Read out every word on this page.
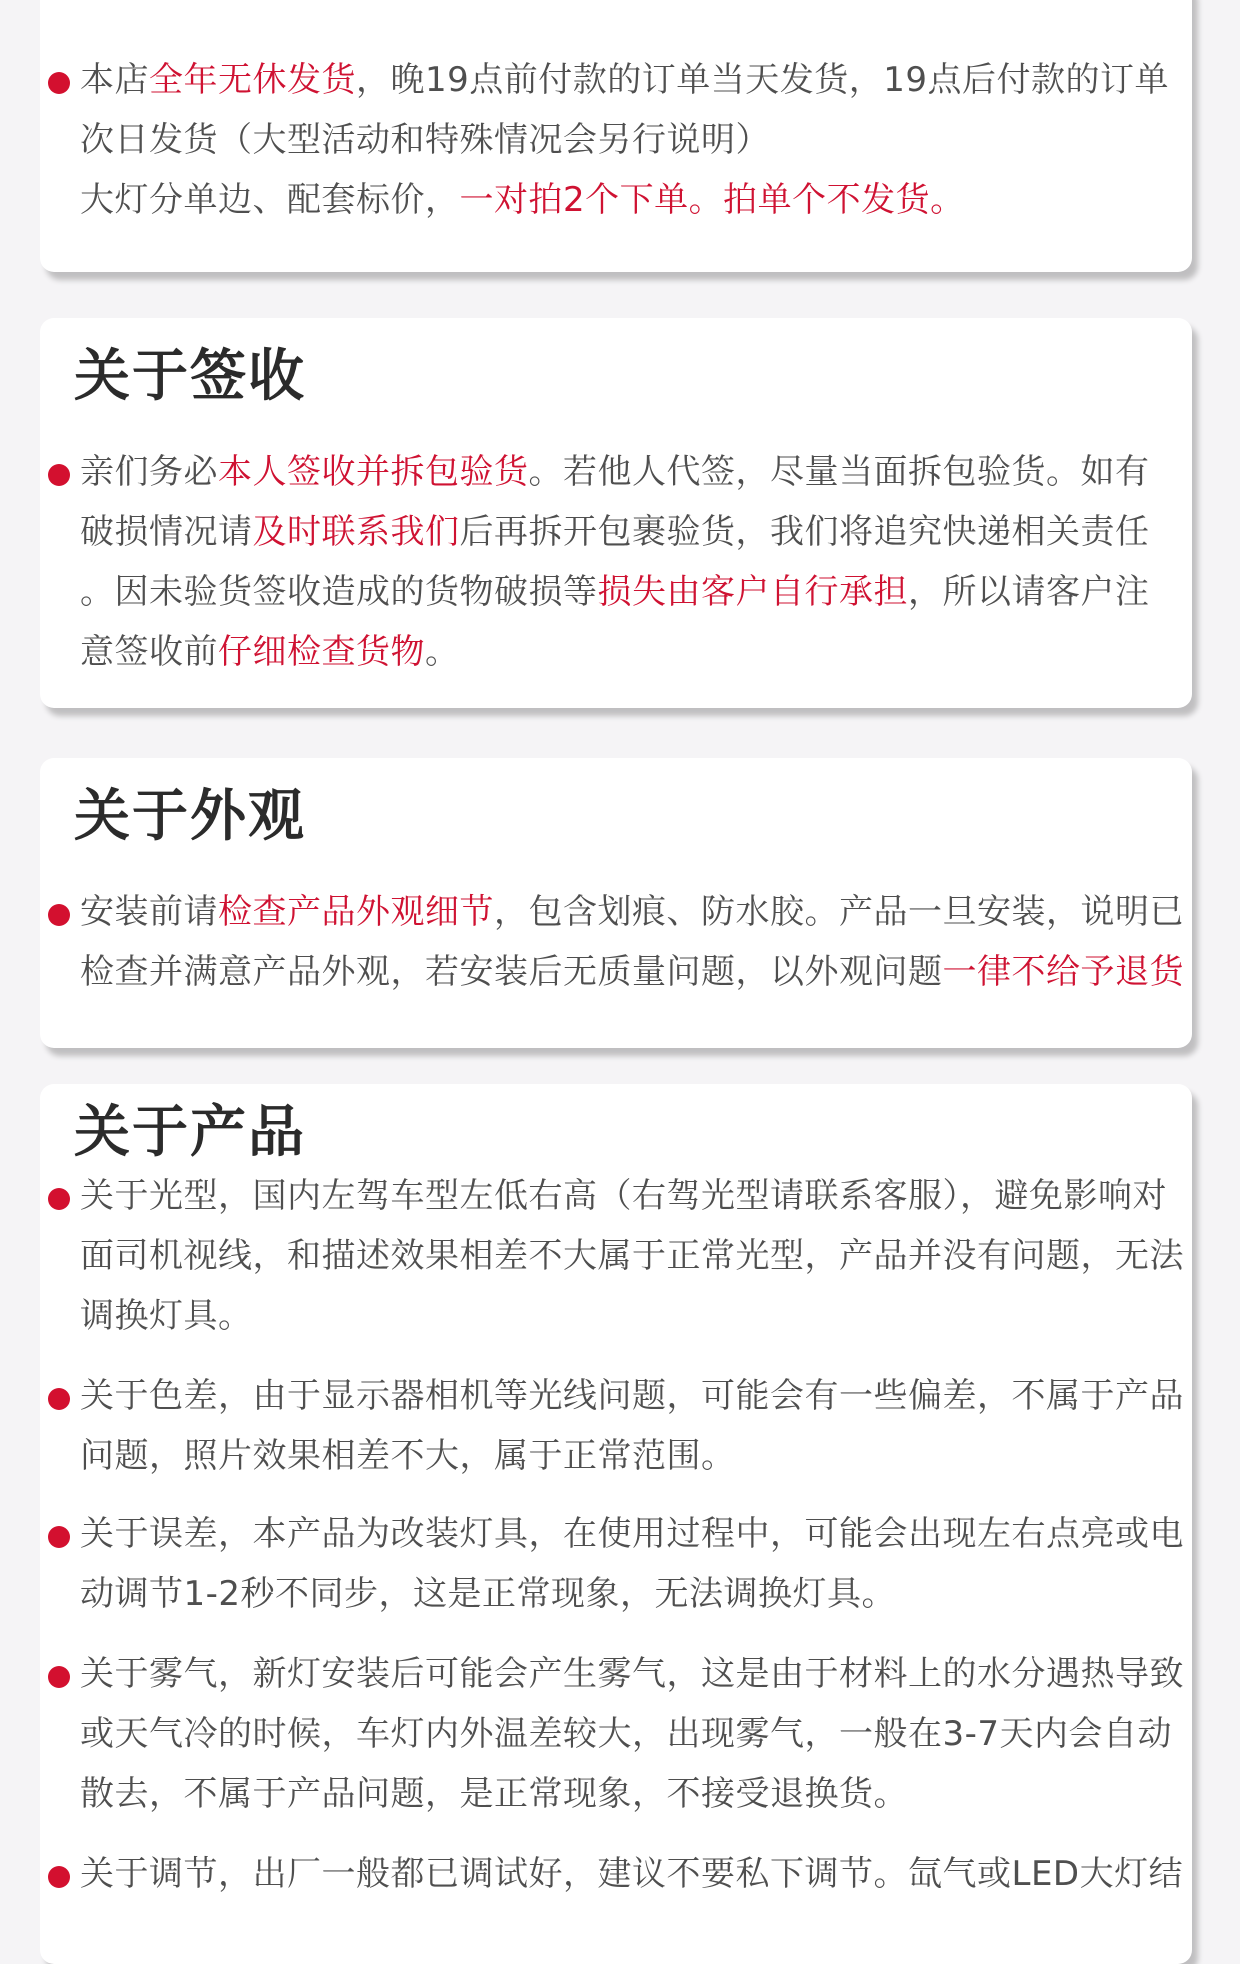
本店全年无休发货，晚19点前付款的订单当天发货，19点后付款的订单
次日发货（大型活动和特殊情况会另行说明）
大灯分单边、配套标价，一对拍2个下单。拍单个不发货。

关于签收

亲们务必本人签收并拆包验货。若他人代签，尽量当面拆包验货。如有
破损情况请及时联系我们后再拆开包裹验货，我们将追究快递相关责任
。因未验货签收造成的货物破损等损失由客户自行承担，所以请客户注
意签收前仔细检查货物。

关于外观

安装前请检查产品外观细节，包含划痕、防水胶。产品一旦安装，说明已
检查并满意产品外观，若安装后无质量问题，以外观问题一律不给予退货

关于产品

关于光型，国内左驾车型左低右高（右驾光型请联系客服），避免影响对
面司机视线，和描述效果相差不大属于正常光型，产品并没有问题，无法
调换灯具。

关于色差，由于显示器相机等光线问题，可能会有一些偏差，不属于产品
问题，照片效果相差不大，属于正常范围。

关于误差，本产品为改装灯具，在使用过程中，可能会出现左右点亮或电
动调节1-2秒不同步，这是正常现象，无法调换灯具。

关于雾气，新灯安装后可能会产生雾气，这是由于材料上的水分遇热导致
或天气冷的时候，车灯内外温差较大，出现雾气，一般在3-7天内会自动
散去，不属于产品问题，是正常现象，不接受退换货。

关于调节，出厂一般都已调试好，建议不要私下调节。氙气或LED大灯结
